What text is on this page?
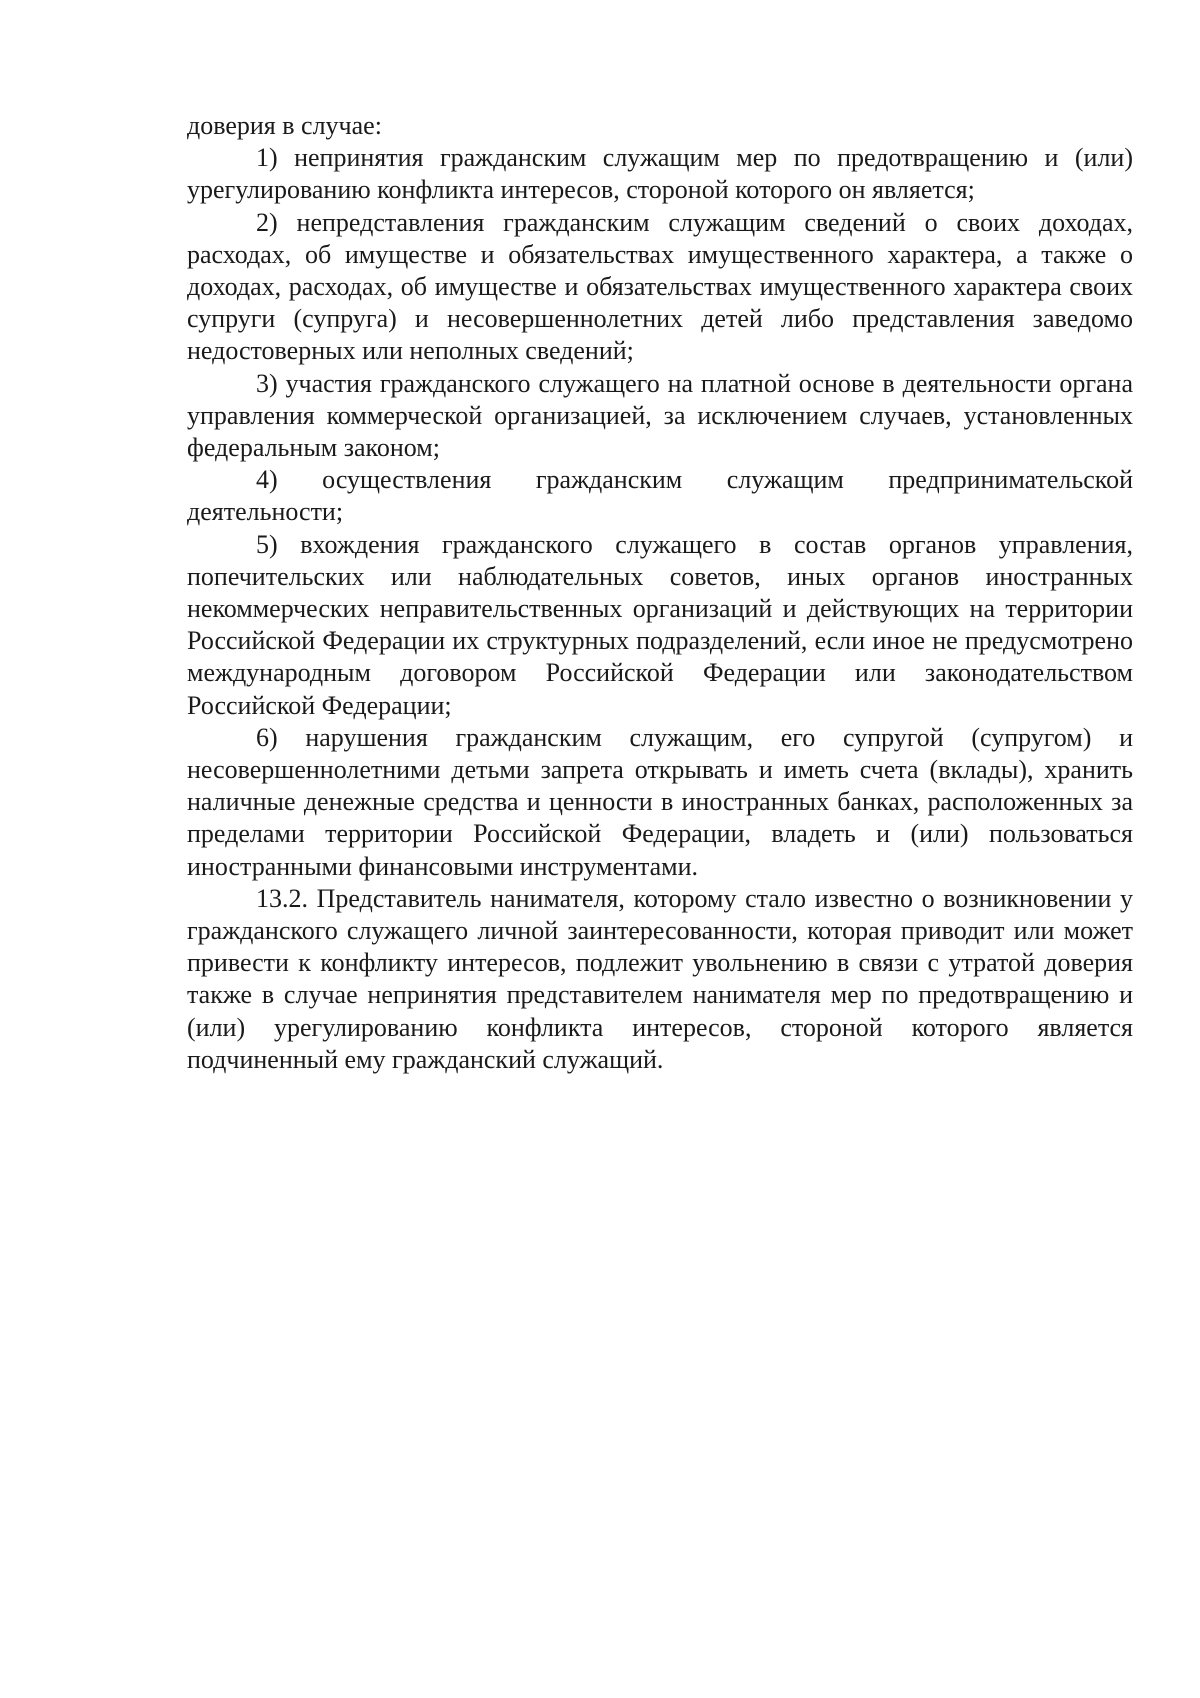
доверия в случае:

1) непринятия гражданским служащим мер по предотвращению и (или) урегулированию конфликта интересов, стороной которого он является;

2) непредставления гражданским служащим сведений о своих доходах, расходах, об имуществе и обязательствах имущественного характера, а также о доходах, расходах, об имуществе и обязательствах имущественного характера своих супруги (супруга) и несовершеннолетних детей либо представления заведомо недостоверных или неполных сведений;

3) участия гражданского служащего на платной основе в деятельности органа управления коммерческой организацией, за исключением случаев, установленных федеральным законом;

4) осуществления гражданским служащим предпринимательской деятельности;

5) вхождения гражданского служащего в состав органов управления, попечительских или наблюдательных советов, иных органов иностранных некоммерческих неправительственных организаций и действующих на территории Российской Федерации их структурных подразделений, если иное не предусмотрено международным договором Российской Федерации или законодательством Российской Федерации;

6) нарушения гражданским служащим, его супругой (супругом) и несовершеннолетними детьми запрета открывать и иметь счета (вклады), хранить наличные денежные средства и ценности в иностранных банках, расположенных за пределами территории Российской Федерации, владеть и (или) пользоваться иностранными финансовыми инструментами.

13.2. Представитель нанимателя, которому стало известно о возникновении у гражданского служащего личной заинтересованности, которая приводит или может привести к конфликту интересов, подлежит увольнению в связи с утратой доверия также в случае непринятия представителем нанимателя мер по предотвращению и (или) урегулированию конфликта интересов, стороной которого является подчиненный ему гражданский служащий.
